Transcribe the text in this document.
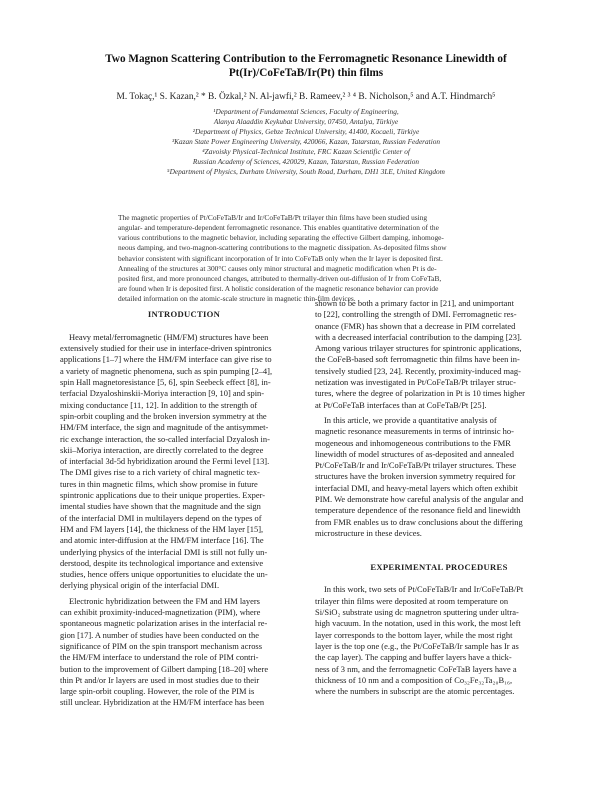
Two Magnon Scattering Contribution to the Ferromagnetic Resonance Linewidth of
Pt(Ir)/CoFeTaB/Ir(Pt) thin films
M. Tokaç,¹ S. Kazan,² * B. Özkal,² N. Al-jawfi,² B. Rameev,² ³ ⁴ B. Nicholson,⁵ and A.T. Hindmarch⁵
¹Department of Fundamental Sciences, Faculty of Engineering,
Alanya Alaaddin Keykubat University, 07450, Antalya, Türkiye
²Department of Physics, Gebze Technical University, 41400, Kocaeli, Türkiye
³Kazan State Power Engineering University, 420066, Kazan, Tatarstan, Russian Federation
⁴Zavoisky Physical-Technical Institute, FRC Kazan Scientific Center of
Russian Academy of Sciences, 420029, Kazan, Tatarstan, Russian Federation
⁵Department of Physics, Durham University, South Road, Durham, DH1 3LE, United Kingdom
The magnetic properties of Pt/CoFeTaB/Ir and Ir/CoFeTaB/Pt trilayer thin films have been studied using
angular- and temperature-dependent ferromagnetic resonance. This enables quantitative determination of the
various contributions to the magnetic behavior, including separating the effective Gilbert damping, inhomoge-
neous damping, and two-magnon-scattering contributions to the magnetic dissipation. As-deposited films show
behavior consistent with significant incorporation of Ir into CoFeTaB only when the Ir layer is deposited first.
Annealing of the structures at 300°C causes only minor structural and magnetic modification when Pt is de-
posited first, and more pronounced changes, attributed to thermally-driven out-diffusion of Ir from CoFeTaB,
are found when Ir is deposited first. A holistic consideration of the magnetic resonance behavior can provide
detailed information on the atomic-scale structure in magnetic thin-film devices.
INTRODUCTION
Heavy metal/ferromagnetic (HM/FM) structures have been
extensively studied for their use in interface-driven spintronics
applications [1–7] where the HM/FM interface can give rise to
a variety of magnetic phenomena, such as spin pumping [2–4],
spin Hall magnetoresistance [5, 6], spin Seebeck effect [8], in-
terfacial Dzyaloshinskii-Moriya interaction [9, 10] and spin-
mixing conductance [11, 12]. In addition to the strength of
spin-orbit coupling and the broken inversion symmetry at the
HM/FM interface, the sign and magnitude of the antisymmet-
ric exchange interaction, the so-called interfacial Dzyalosh in-
skii–Moriya interaction, are directly correlated to the degree
of interfacial 3d-5d hybridization around the Fermi level [13].
The DMI gives rise to a rich variety of chiral magnetic tex-
tures in thin magnetic films, which show promise in future
spintronic applications due to their unique properties. Exper-
imental studies have shown that the magnitude and the sign
of the interfacial DMI in multilayers depend on the types of
HM and FM layers [14], the thickness of the HM layer [15],
and atomic inter-diffusion at the HM/FM interface [16]. The
underlying physics of the interfacial DMI is still not fully un-
derstood, despite its technological importance and extensive
studies, hence offers unique opportunities to elucidate the un-
derlying physical origin of the interfacial DMI.
Electronic hybridization between the FM and HM layers
can exhibit proximity-induced-magnetization (PIM), where
spontaneous magnetic polarization arises in the interfacial re-
gion [17]. A number of studies have been conducted on the
significance of PIM on the spin transport mechanism across
the HM/FM interface to understand the role of PIM contri-
bution to the improvement of Gilbert damping [18–20] where
thin Pt and/or Ir layers are used in most studies due to their
large spin-orbit coupling. However, the role of the PIM is
still unclear. Hybridization at the HM/FM interface has been
shown to be both a primary factor in [21], and unimportant
to [22], controlling the strength of DMI. Ferromagnetic res-
onance (FMR) has shown that a decrease in PIM correlated
with a decreased interfacial contribution to the damping [23].
Among various trilayer structures for spintronic applications,
the CoFeB-based soft ferromagnetic thin films have been in-
tensively studied [23, 24]. Recently, proximity-induced mag-
netization was investigated in Pt/CoFeTaB/Pt trilayer struc-
tures, where the degree of polarization in Pt is 10 times higher
at Pt/CoFeTaB interfaces than at CoFeTaB/Pt [25].
In this article, we provide a quantitative analysis of
magnetic resonance measurements in terms of intrinsic ho-
mogeneous and inhomogeneous contributions to the FMR
linewidth of model structures of as-deposited and annealed
Pt/CoFeTaB/Ir and Ir/CoFeTaB/Pt trilayer structures. These
structures have the broken inversion symmetry required for
interfacial DMI, and heavy-metal layers which often exhibit
PIM. We demonstrate how careful analysis of the angular and
temperature dependence of the resonance field and linewidth
from FMR enables us to draw conclusions about the differing
microstructure in these devices.
EXPERIMENTAL PROCEDURES
In this work, two sets of Pt/CoFeTaB/Ir and Ir/CoFeTaB/Pt
trilayer thin films were deposited at room temperature on
Si/SiO₂ substrate using dc magnetron sputtering under ultra-
high vacuum. In the notation, used in this work, the most left
layer corresponds to the bottom layer, while the most right
layer is the top one (e.g., the Pt/CoFeTaB/Ir sample has Ir as
the cap layer). The capping and buffer layers have a thick-
ness of 3 nm, and the ferromagnetic CoFeTaB layers have a
thickness of 10 nm and a composition of Co₃₂Fe₃₂Ta₂₀B₁₆,
where the numbers in subscript are the atomic percentages.
